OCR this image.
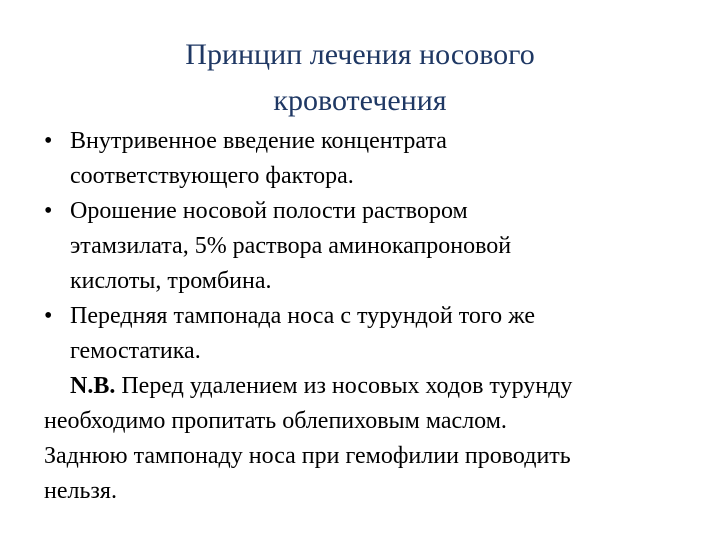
Принцип лечения носового
кровотечения
• Внутривенное введение концентрата
соответствующего фактора.
• Орошение носовой полости раствором
этамзилата, 5% раствора аминокапроновой
кислоты, тромбина.
• Передняя тампонада носа с турундой того же
гемостатика.
N.B. Перед удалением из носовых ходов турунду
необходимо пропитать облепиховым маслом.
Заднюю тампонаду носа при гемофилии проводить
нельзя.
